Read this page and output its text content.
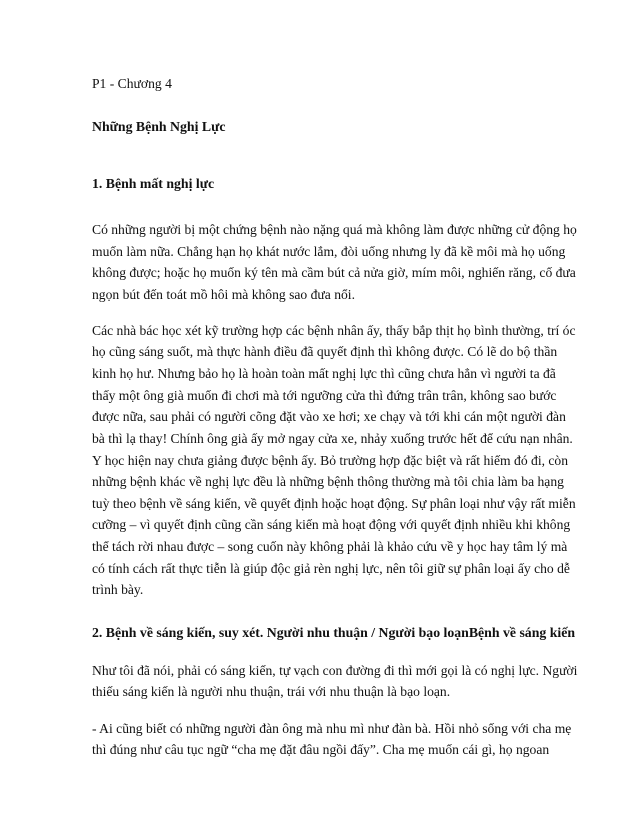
P1 - Chương 4

Những Bệnh Nghị Lực

1. Bệnh mất nghị lực

Có những người bị một chứng bệnh nào nặng quá mà không làm được những cử động họ

muốn làm nữa. Chẳng hạn họ khát nước lắm, đòi uống nhưng ly đã kề môi mà họ uống

không được; hoặc họ muốn ký tên mà cầm bút cả nửa giờ, mím môi, nghiến răng, cố đưa

ngọn bút đến toát mồ hôi mà không sao đưa nổi.

Các nhà bác học xét kỹ trường hợp các bệnh nhân ấy, thấy bắp thịt họ bình thường, trí óc

họ cũng sáng suốt, mà thực hành điều đã quyết định thì không được. Có lẽ do bộ thần

kinh họ hư. Nhưng bảo họ là hoàn toàn mất nghị lực thì cũng chưa hẳn vì người ta đã

thấy một ông già muốn đi chơi mà tới ngưỡng cửa thì đứng trân trân, không sao bước

được nữa, sau phải có người cõng đặt vào xe hơi; xe chạy và tới khi cán một người đàn

bà thì lạ thay! Chính ông già ấy mở ngay cửa xe, nhảy xuống trước hết để cứu nạn nhân.

Y học hiện nay chưa giảng được bệnh ấy. Bỏ trường hợp đặc biệt và rất hiếm đó đi, còn

những bệnh khác về nghị lực đều là những bệnh thông thường mà tôi chia làm ba hạng

tuỳ theo bệnh về sáng kiến, về quyết định hoặc hoạt động. Sự phân loại như vậy rất miễn

cưỡng – vì quyết định cũng cần sáng kiến mà hoạt động với quyết định nhiều khi không

thể tách rời nhau được – song cuốn này không phải là khảo cứu về y học hay tâm lý mà

có tính cách rất thực tiễn là giúp độc giả rèn nghị lực, nên tôi giữ sự phân loại ấy cho dễ

trình bày.

2. Bệnh về sáng kiến, suy xét. Người nhu thuận / Người bạo loạnBệnh về sáng kiến

Như tôi đã nói, phải có sáng kiến, tự vạch con đường đi thì mới gọi là có nghị lực. Người

thiếu sáng kiến là người nhu thuận, trái với nhu thuận là bạo loạn.

- Ai cũng biết có những người đàn ông mà nhu mì như đàn bà. Hồi nhỏ sống với cha mẹ

thì đúng như câu tục ngữ “cha mẹ đặt đâu ngồi đấy”. Cha mẹ muốn cái gì, họ ngoan
